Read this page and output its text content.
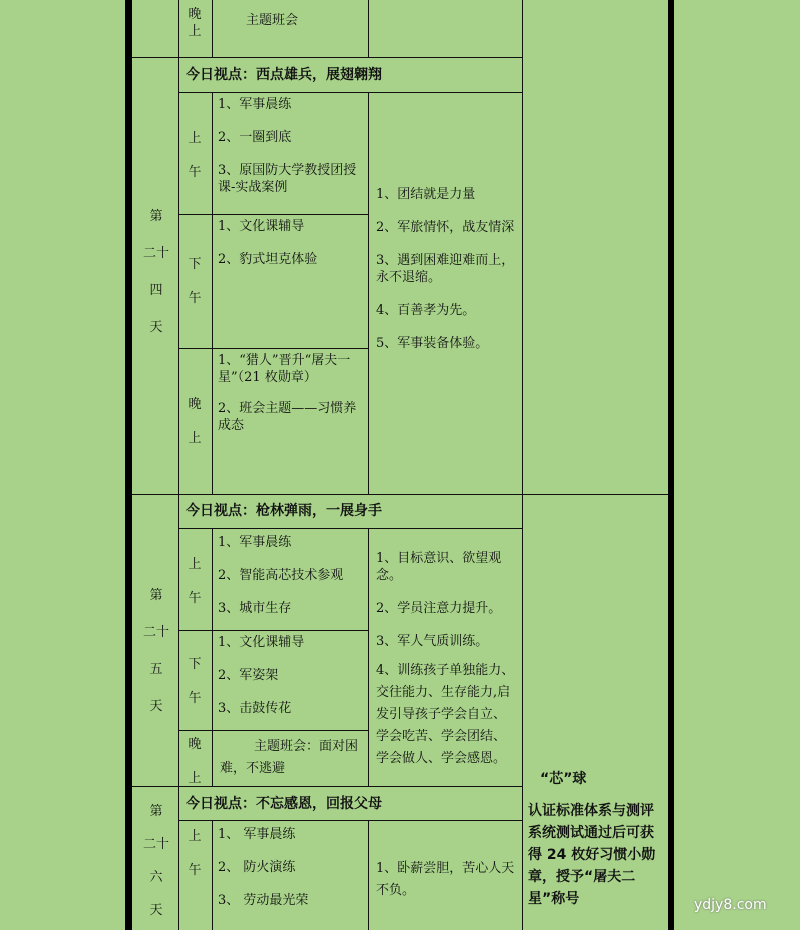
晚
上
主题班会
第
二十
四
天
今日视点：西点雄兵，展翅翱翔
上

午
1、军事晨练
2、一圈到底
3、原国防大学教授团授课-实战案例
下

午
1、文化课辅导
2、豹式坦克体验
晚

上
1、“猎人”晋升“屠夫一星”（21 枚勋章）
2、班会主题——习惯养成态
1、团结就是力量
2、军旅情怀，战友情深
3、遇到困难迎难而上，永不退缩。
4、百善孝为先。
5、军事装备体验。
第
二十
五
天
今日视点：枪林弹雨，一展身手
上

午
1、军事晨练
2、智能高芯技术参观
3、城市生存
下

午
1、文化课辅导
2、军姿架
3、击鼓传花
晚

上
主题班会：面对困难，不逃避
1、目标意识、欲望观念。
2、学员注意力提升。
3、军人气质训练。
4、训练孩子单独能力、交往能力、生存能力,启发引导孩子学会自立、学会吃苦、学会团结、学会做人、学会感恩。
第
二十
六
天
今日视点：不忘感恩，回报父母
上

午
1、 军事晨练
2、 防火演练
3、 劳动最光荣
1、卧薪尝胆，苦心人天不负。
“芯”球
认证标准体系与测评系统测试通过后可获得 24 枚好习惯小勋章，授予“屠夫二星”称号	ydjy8.com
